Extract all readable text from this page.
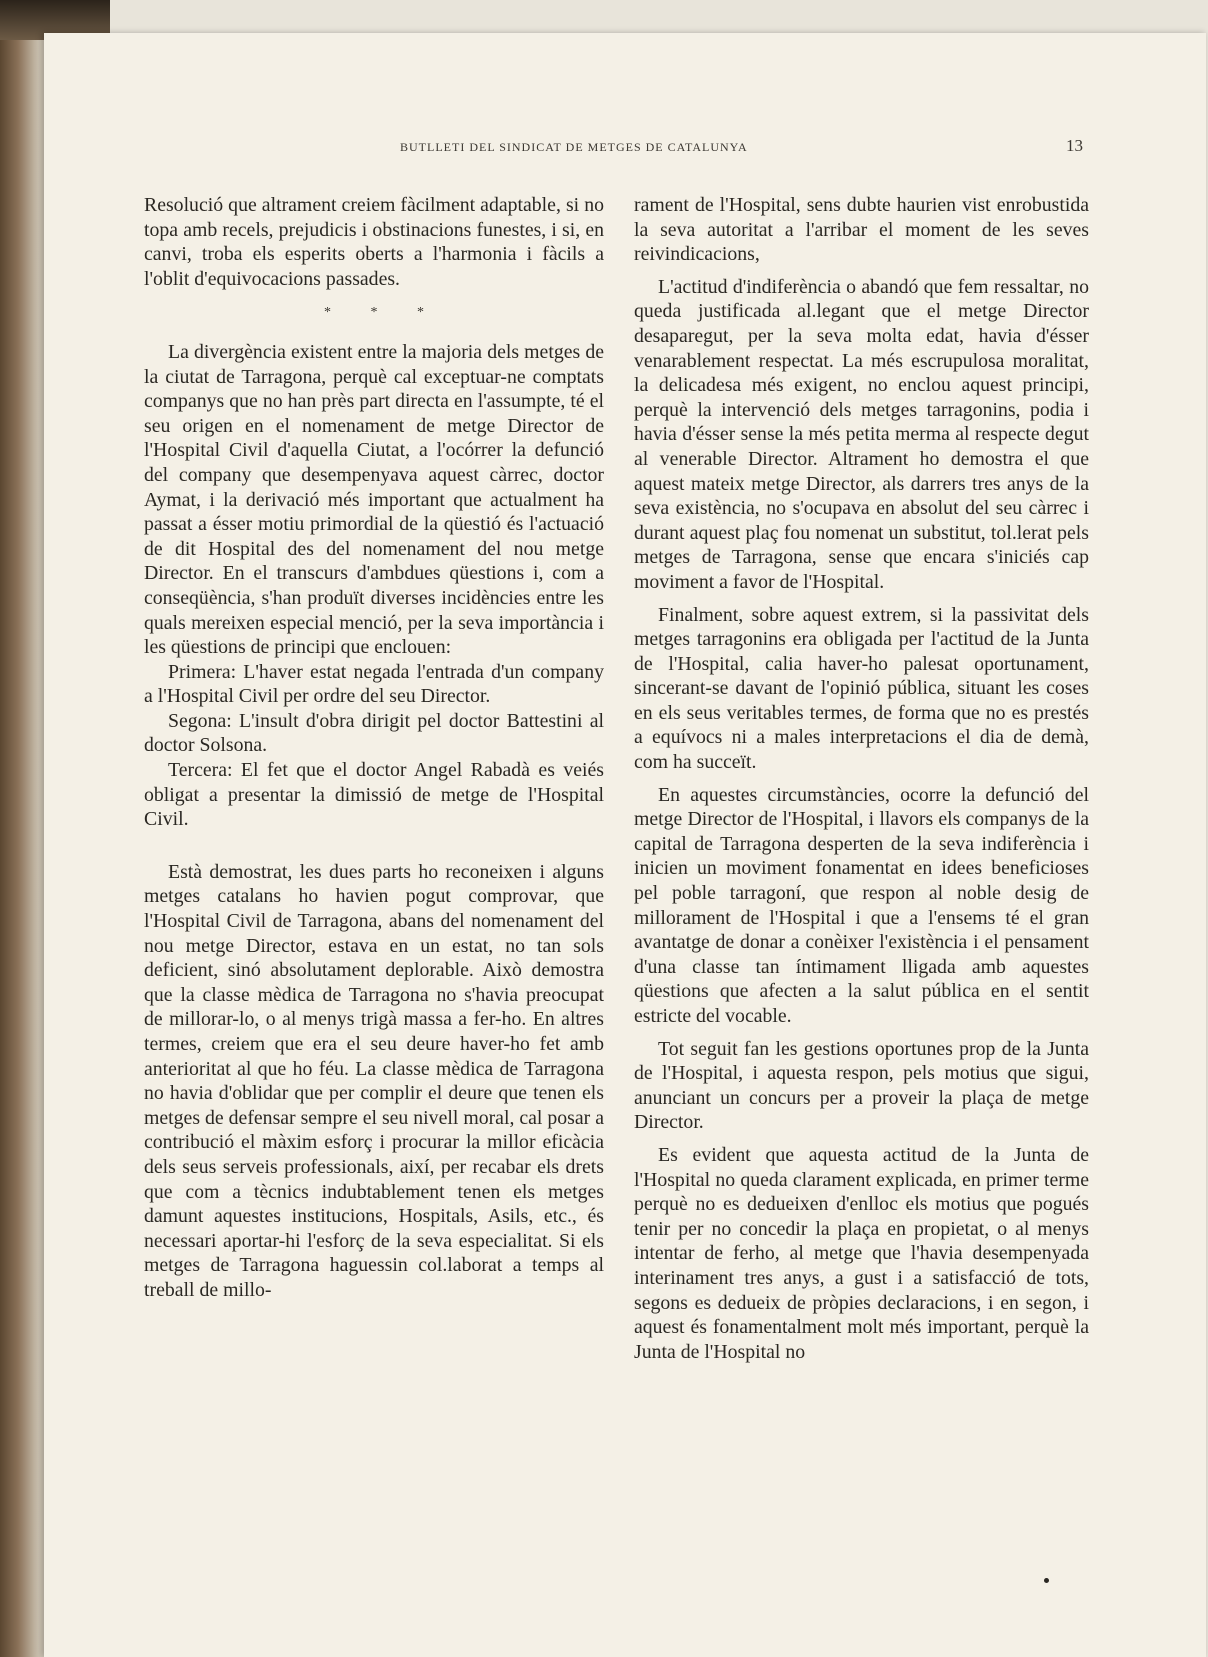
BUTLLETI DEL SINDICAT DE METGES DE CATALUNYA	13

Resolució que altrament creiem fàcilment adaptable, si no topa amb recels, prejudicis i obstinacions funestes, i si, en canvi, troba els esperits oberts a l'harmonia i fàcils a l'oblit d'equivocacions passades.

* * *

La divergència existent entre la majoria dels metges de la ciutat de Tarragona, perquè cal exceptuar-ne comptats companys que no han près part directa en l'assumpte, té el seu origen en el nomenament de metge Director de l'Hospital Civil d'aquella Ciutat, a l'ocórrer la defunció del company que desempenyava aquest càrrec, doctor Aymat, i la derivació més important que actualment ha passat a ésser motiu primordial de la qüestió és l'actuació de dit Hospital des del nomenament del nou metge Director. En el transcurs d'ambdues qüestions i, com a conseqüència, s'han produït diverses incidències entre les quals mereixen especial menció, per la seva importància i les qüestions de principi que enclouen:

Primera: L'haver estat negada l'entrada d'un company a l'Hospital Civil per ordre del seu Director.

Segona: L'insult d'obra dirigit pel doctor Battestini al doctor Solsona.

Tercera: El fet que el doctor Angel Rabadà es veiés obligat a presentar la dimissió de metge de l'Hospital Civil.

Està demostrat, les dues parts ho reconeixen i alguns metges catalans ho havien pogut comprovar, que l'Hospital Civil de Tarragona, abans del nomenament del nou metge Director, estava en un estat, no tan sols deficient, sinó absolutament deplorable. Això demostra que la classe mèdica de Tarragona no s'havia preocupat de millorar-lo, o al menys trigà massa a fer-ho. En altres termes, creiem que era el seu deure haver-ho fet amb anterioritat al que ho féu. La classe mèdica de Tarragona no havia d'oblidar que per complir el deure que tenen els metges de defensar sempre el seu nivell moral, cal posar a contribució el màxim esforç i procurar la millor eficàcia dels seus serveis professionals, així, per recabar els drets que com a tècnics indubtablement tenen els metges damunt aquestes institucions, Hospitals, Asils, etc., és necessari aportar-hi l'esforç de la seva especialitat. Si els metges de Tarragona haguessin col.laborat a temps al treball de millo-

rament de l'Hospital, sens dubte haurien vist enrobustida la seva autoritat a l'arribar el moment de les seves reivindicacions,

L'actitud d'indiferència o abandó que fem ressaltar, no queda justificada al.legant que el metge Director desaparegut, per la seva molta edat, havia d'ésser venarablement respectat. La més escrupulosa moralitat, la delicadesa més exigent, no enclou aquest principi, perquè la intervenció dels metges tarragonins, podia i havia d'ésser sense la més petita merma al respecte degut al venerable Director. Altrament ho demostra el que aquest mateix metge Director, als darrers tres anys de la seva existència, no s'ocupava en absolut del seu càrrec i durant aquest plaç fou nomenat un substitut, tol.lerat pels metges de Tarragona, sense que encara s'iniciés cap moviment a favor de l'Hospital.

Finalment, sobre aquest extrem, si la passivitat dels metges tarragonins era obligada per l'actitud de la Junta de l'Hospital, calia haver-ho palesat oportunament, sincerant-se davant de l'opinió pública, situant les coses en els seus veritables termes, de forma que no es prestés a equívocs ni a males interpretacions el dia de demà, com ha succeït.

En aquestes circumstàncies, ocorre la defunció del metge Director de l'Hospital, i llavors els companys de la capital de Tarragona desperten de la seva indiferència i inicien un moviment fonamentat en idees beneficioses pel poble tarragoní, que respon al noble desig de millorament de l'Hospital i que a l'ensems té el gran avantatge de donar a conèixer l'existència i el pensament d'una classe tan íntimament lligada amb aquestes qüestions que afecten a la salut pública en el sentit estricte del vocable.

Tot seguit fan les gestions oportunes prop de la Junta de l'Hospital, i aquesta respon, pels motius que sigui, anunciant un concurs per a proveir la plaça de metge Director.

Es evident que aquesta actitud de la Junta de l'Hospital no queda clarament explicada, en primer terme perquè no es dedueixen d'enlloc els motius que pogués tenir per no concedir la plaça en propietat, o al menys intentar de ferho, al metge que l'havia desempenyada interinament tres anys, a gust i a satisfacció de tots, segons es dedueix de pròpies declaracions, i en segon, i aquest és fonamentalment molt més important, perquè la Junta de l'Hospital no
